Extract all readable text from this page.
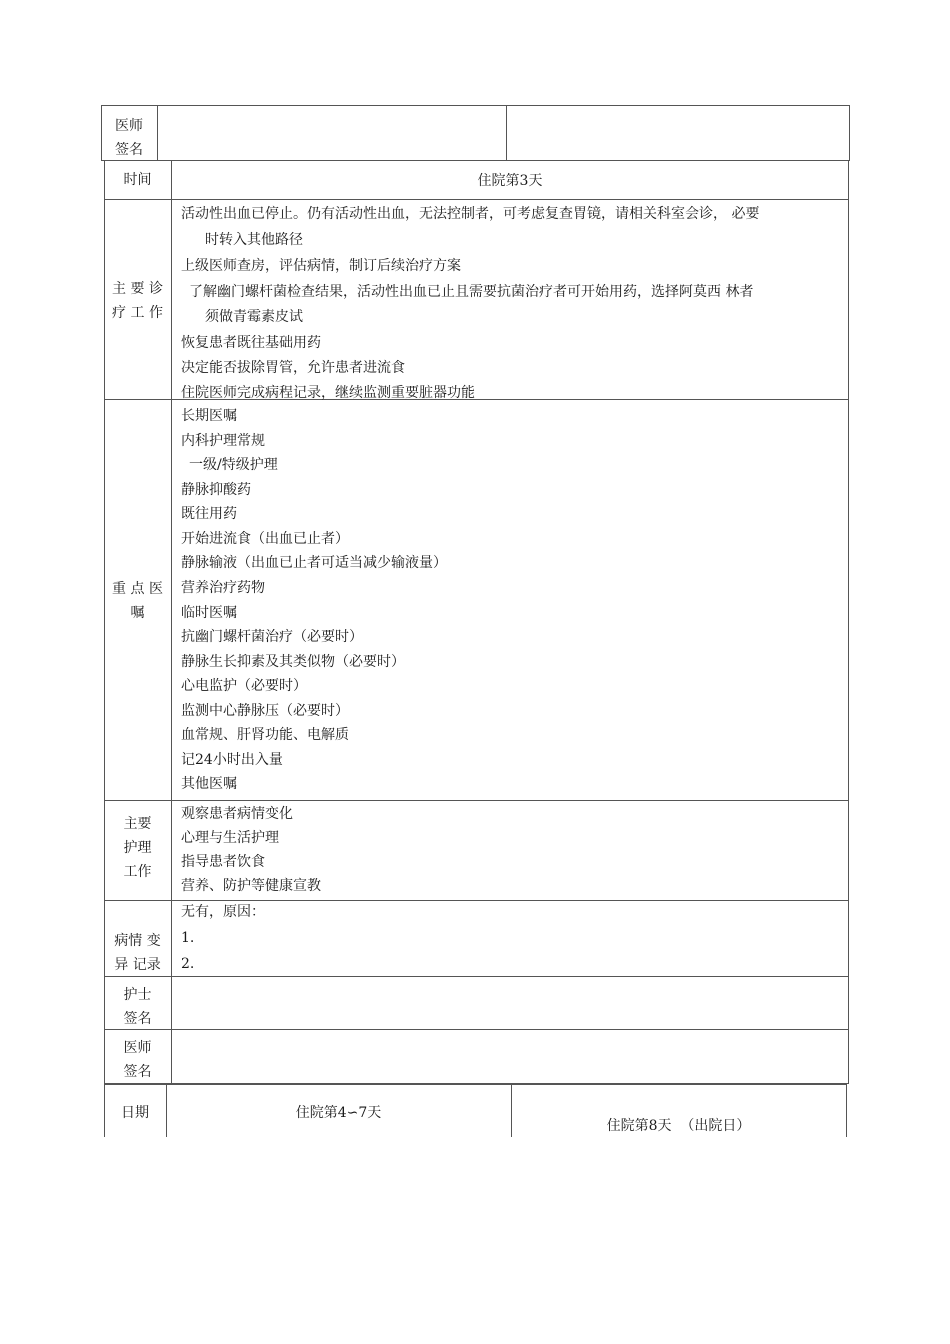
医师
签名
时间	住院第3天
主 要 诊
疗 工 作
活动性出血已停止。仍有活动性出血，无法控制者，可考虑复查胃镜，请相关科室会诊， 必要
时转入其他路径
上级医师查房，评估病情，制订后续治疗方案
了解幽门螺杆菌检查结果，活动性出血已止且需要抗菌治疗者可开始用药，选择阿莫西 林者
须做青霉素皮试
恢复患者既往基础用药
决定能否拔除胃管，允许患者进流食
住院医师完成病程记录，继续监测重要脏器功能
重 点 医
嘱
长期医嘱
内科护理常规
一级/特级护理
静脉抑酸药
既往用药
开始进流食（出血已止者）
静脉输液（出血已止者可适当减少输液量）
营养治疗药物
临时医嘱
抗幽门螺杆菌治疗（必要时）
静脉生长抑素及其类似物（必要时）
心电监护（必要时）
监测中心静脉压（必要时）
血常规、肝肾功能、电解质
记24小时出入量
其他医嘱
主要
护理
工作
观察患者病情变化
心理与生活护理
指导患者饮食
营养、防护等健康宣教
病情 变
异 记录
无有，原因：
1.
2.
护士
签名
医师
签名
日期	住院第4∽7天
住院第8天  （出院日）
